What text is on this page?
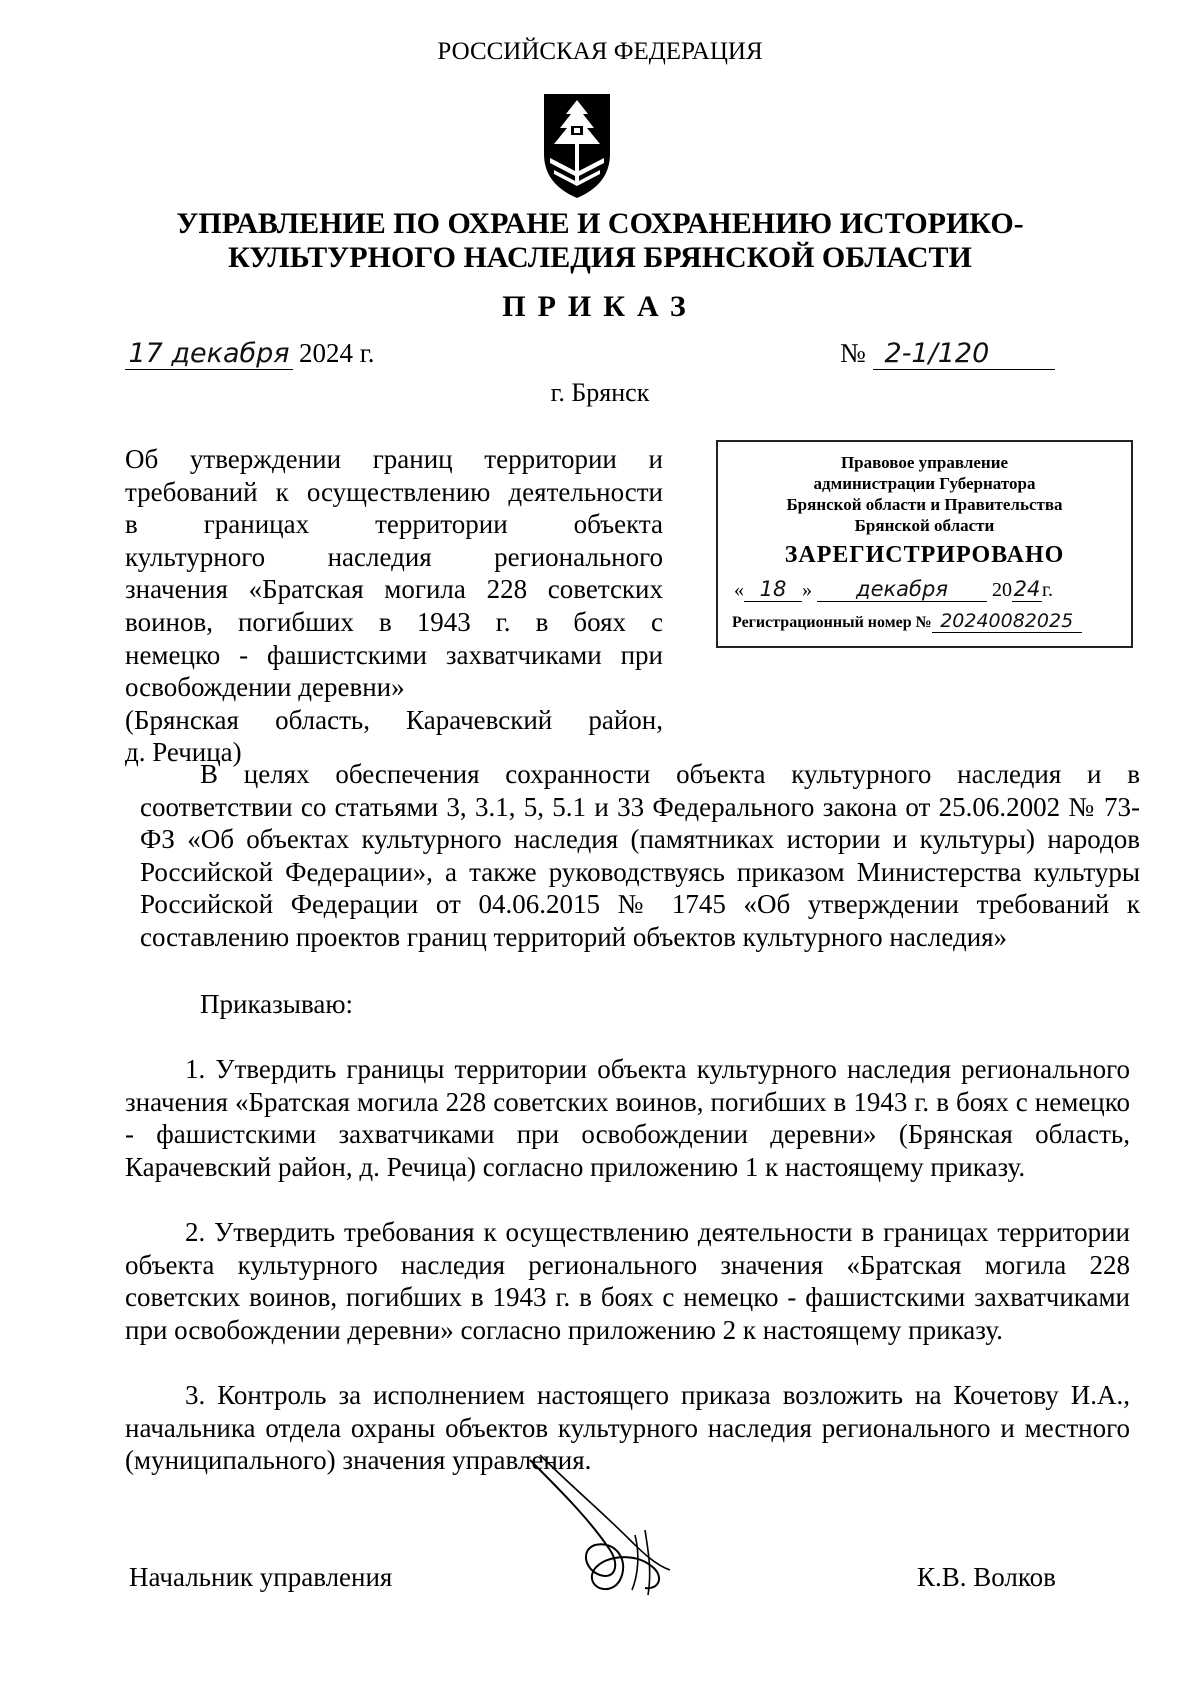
РОССИЙСКАЯ ФЕДЕРАЦИЯ
УПРАВЛЕНИЕ ПО ОХРАНЕ И СОХРАНЕНИЮ ИСТОРИКО-
КУЛЬТУРНОГО НАСЛЕДИЯ БРЯНСКОЙ ОБЛАСТИ
ПРИКАЗ
17 декабря 2024 г.	№ 2-1/120
г. Брянск
Об утверждении границ территории и
требований к осуществлению деятельности
в границах территории объекта
культурного наследия регионального
значения «Братская могила 228 советских
воинов, погибших в 1943 г. в боях с
немецко - фашистскими захватчиками при
освобождении деревни»
(Брянская область, Карачевский район,
д. Речица)
Правовое управление
администрации Губернатора
Брянской области и Правительства
Брянской области
ЗАРЕГИСТРИРОВАНО
« 18 » декабря 2024г.
Регистрационный номер № 20240082025
В целях обеспечения сохранности объекта культурного наследия и в соответствии со статьями 3, 3.1, 5, 5.1 и 33 Федерального закона от 25.06.2002 № 73-ФЗ «Об объектах культурного наследия (памятниках истории и культуры) народов Российской Федерации», а также руководствуясь приказом Министерства культуры Российской Федерации от 04.06.2015 № 1745 «Об утверждении требований к составлению проектов границ территорий объектов культурного наследия»
Приказываю:
1. Утвердить границы территории объекта культурного наследия регионального значения «Братская могила 228 советских воинов, погибших в 1943 г. в боях с немецко - фашистскими захватчиками при освобождении деревни» (Брянская область, Карачевский район, д. Речица) согласно приложению 1 к настоящему приказу.
2. Утвердить требования к осуществлению деятельности в границах территории объекта культурного наследия регионального значения «Братская могила 228 советских воинов, погибших в 1943 г. в боях с немецко - фашистскими захватчиками при освобождении деревни» согласно приложению 2 к настоящему приказу.
3. Контроль за исполнением настоящего приказа возложить на Кочетову И.А., начальника отдела охраны объектов культурного наследия регионального и местного (муниципального) значения управления.
Начальник управления	К.В. Волков
